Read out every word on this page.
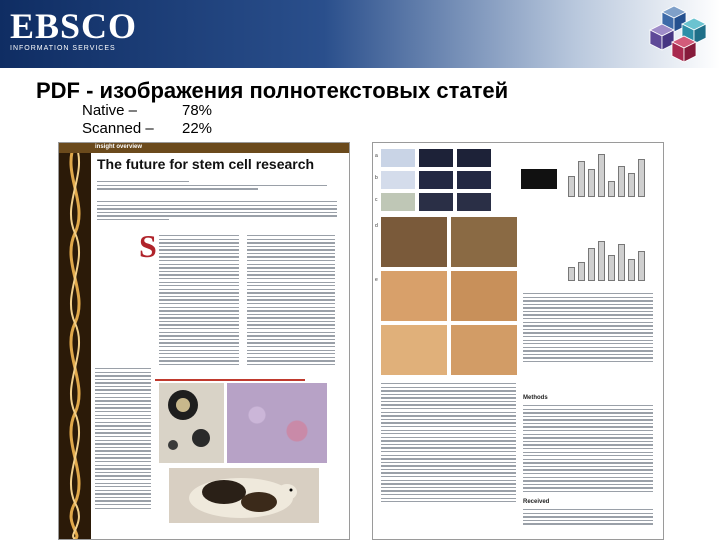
EBSCO
INFORMATION SERVICES
PDF - изображения полнотекстовых статей
Native –	78%
Scanned –	22%
insight overview
The future for stem cell research
S
a
b
c
d
e
f
Methods
Received
